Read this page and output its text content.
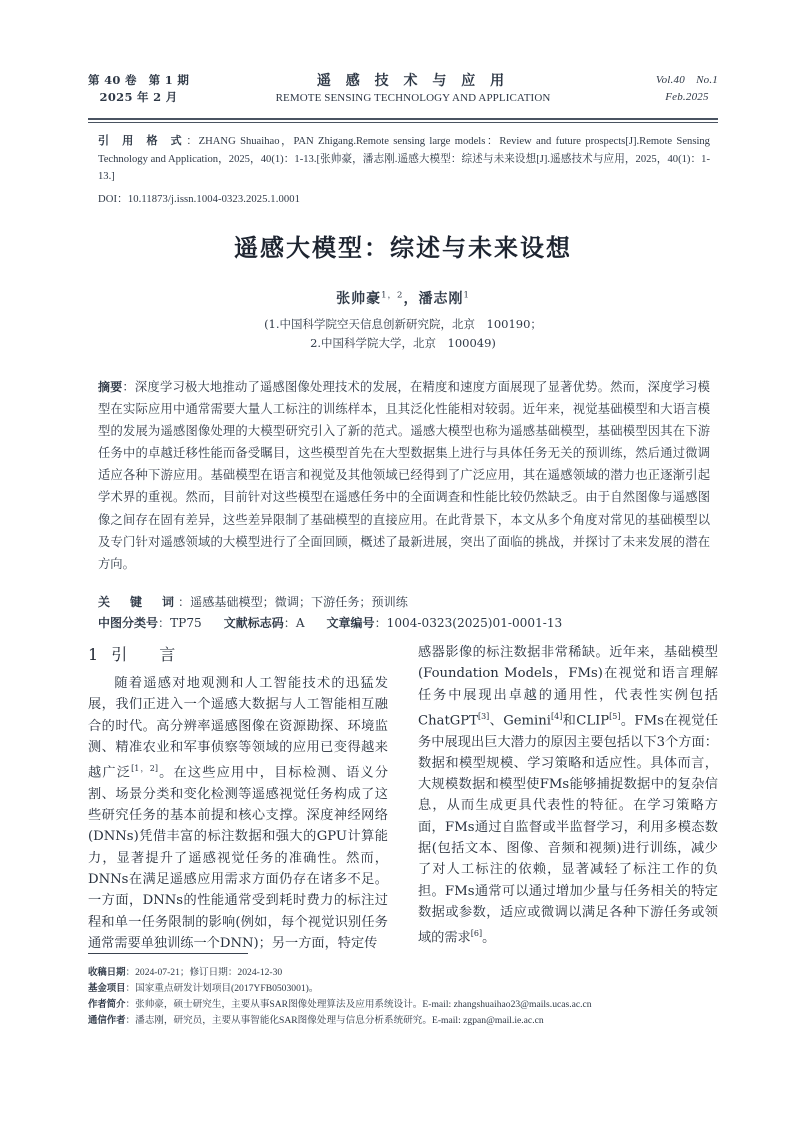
第 40 卷　第 1 期
2025 年 2 月
遥 感 技 术 与 应 用
REMOTE SENSING TECHNOLOGY AND APPLICATION
Vol.40　No.1
Feb.2025
引 用 格 式：ZHANG Shuaihao，PAN Zhigang.Remote sensing large models：Review and future prospects[J].Remote Sensing Technology and Application，2025，40(1)：1-13.[张帅豪，潘志刚.遥感大模型：综述与未来设想[J].遥感技术与应用，2025，40(1)：1-13.]
DOI：10.11873/j.issn.1004-0323.2025.1.0001
遥感大模型：综述与未来设想
张帅豪$^{1,2}$，潘志刚$^1$
(1.中国科学院空天信息创新研究院，北京　100190；
2.中国科学院大学，北京　100049)
摘要：深度学习极大地推动了遥感图像处理技术的发展，在精度和速度方面展现了显著优势。然而，深度学习模型在实际应用中通常需要大量人工标注的训练样本，且其泛化性能相对较弱。近年来，视觉基础模型和大语言模型的发展为遥感图像处理的大模型研究引入了新的范式。遥感大模型也称为遥感基础模型，基础模型因其在下游任务中的卓越迁移性能而备受瞩目，这些模型首先在大型数据集上进行与具体任务无关的预训练，然后通过微调适应各种下游应用。基础模型在语言和视觉及其他领域已经得到了广泛应用，其在遥感领域的潜力也正逐渐引起学术界的重视。然而，目前针对这些模型在遥感任务中的全面调查和性能比较仍然缺乏。由于自然图像与遥感图像之间存在固有差异，这些差异限制了基础模型的直接应用。在此背景下，本文从多个角度对常见的基础模型以及专门针对遥感领域的大模型进行了全面回顾，概述了最新进展，突出了面临的挑战，并探讨了未来发展的潜在方向。
关　键　词：遥感基础模型；微调；下游任务；预训练
中图分类号：TP75 文献标志码：A 文章编号：1004-0323(2025)01-0001-13
1 引　言

随着遥感对地观测和人工智能技术的迅猛发展，我们正进入一个遥感大数据与人工智能相互融合的时代。高分辨率遥感图像在资源勘探、环境监测、精准农业和军事侦察等领域的应用已变得越来越广泛[1，2]。在这些应用中，目标检测、语义分割、场景分类和变化检测等遥感视觉任务构成了这些研究任务的基本前提和核心支撑。深度神经网络(DNNs)凭借丰富的标注数据和强大的GPU计算能力，显著提升了遥感视觉任务的准确性。然而，DNNs在满足遥感应用需求方面仍存在诸多不足。一方面，DNNs的性能通常受到耗时费力的标注过程和单一任务限制的影响(例如，每个视觉识别任务通常需要单独训练一个DNN)；另一方面，特定传

感器影像的标注数据非常稀缺。近年来，基础模型(Foundation Models，FMs)在视觉和语言理解任务中展现出卓越的通用性，代表性实例包括ChatGPT[3]、Gemini[4]和CLIP[5]。FMs在视觉任务中展现出巨大潜力的原因主要包括以下3个方面：数据和模型规模、学习策略和适应性。具体而言，大规模数据和模型使FMs能够捕捉数据中的复杂信息，从而生成更具代表性的特征。在学习策略方面，FMs通过自监督或半监督学习，利用多模态数据(包括文本、图像、音频和视频)进行训练，减少了对人工标注的依赖，显著减轻了标注工作的负担。FMs通常可以通过增加少量与任务相关的特定数据或参数，适应或微调以满足各种下游任务或领域的需求[6]。

收稿日期：2024-07-21；修订日期：2024-12-30
基金项目：国家重点研发计划项目(2017YFB0503001)。
作者简介：张帅豪，硕士研究生，主要从事SAR图像处理算法及应用系统设计。E-mail: zhangshuaihao23@mails.ucas.ac.cn
通信作者：潘志刚，研究员，主要从事智能化SAR图像处理与信息分析系统研究。E-mail: zgpan@mail.ie.ac.cn
